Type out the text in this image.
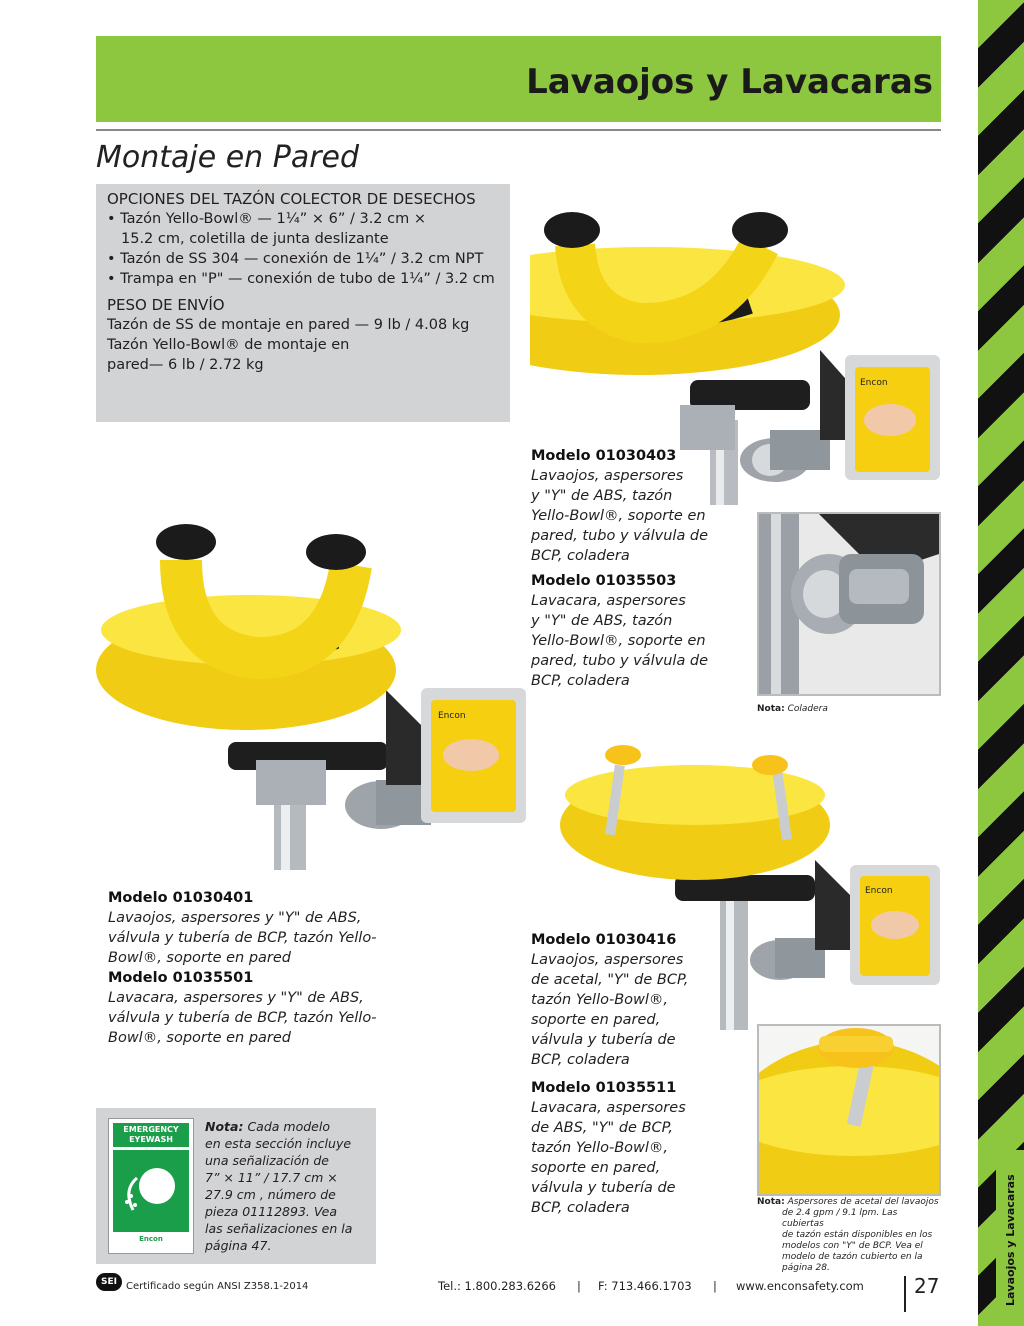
Lavaojos y Lavacaras
Lavaojos y Lavacaras
Montaje en Pared
OPCIONES DEL TAZÓN COLECTOR DE DESECHOS
• Tazón Yello-Bowl® — 1¼” × 6” / 3.2 cm ×
15.2 cm, coletilla de junta deslizante
• Tazón de SS 304 — conexión de 1¼” / 3.2 cm NPT
• Trampa en "P" — conexión de tubo de 1¼” / 3.2 cm
PESO DE ENVÍO
Tazón de SS de montaje en pared — 9 lb / 4.08 kg
Tazón Yello-Bowl® de montaje en
pared— 6 lb / 2.72 kg
Encon
Modelo 01030403
Lavaojos, aspersores
y "Y" de ABS, tazón
Yello-Bowl®, soporte en
pared, tubo y válvula de
BCP, coladera
Modelo 01035503
Lavacara, aspersores
y "Y" de ABS, tazón
Yello-Bowl®, soporte en
pared, tubo y válvula de
BCP, coladera
Nota: Coladera
Encon
Modelo 01030401
Lavaojos, aspersores y "Y" de ABS,
válvula y tubería de BCP, tazón Yello-
Bowl®, soporte en pared
Modelo 01035501
Lavacara, aspersores y "Y" de ABS,
válvula y tubería de BCP, tazón Yello-
Bowl®, soporte en pared
Encon
Modelo 01030416
Lavaojos, aspersores
de acetal, "Y" de BCP,
tazón Yello-Bowl®,
soporte en pared,
válvula y tubería de
BCP, coladera
Modelo 01035511
Lavacara, aspersores
de ABS, "Y" de BCP,
tazón Yello-Bowl®,
soporte en pared,
válvula y tubería de
BCP, coladera	Nota: Aspersores de acetal del lavaojos
de 2.4 gpm / 9.1 lpm. Las cubiertas
de tazón están disponibles en los
modelos con "Y" de BCP. Vea el
modelo de tazón cubierto en la
página 28.
EMERGENCY
EYEWASH
Encon
Nota: Cada modelo
en esta sección incluye
una señalización de
7” × 11” / 17.7 cm ×
27.9 cm , número de
pieza 01112893. Vea
las señalizaciones en la
página 47.
SEI Certificado según ANSI Z358.1-2014	Tel.: 1.800.283.6266 | F: 713.466.1703 | www.enconsafety.com	27
